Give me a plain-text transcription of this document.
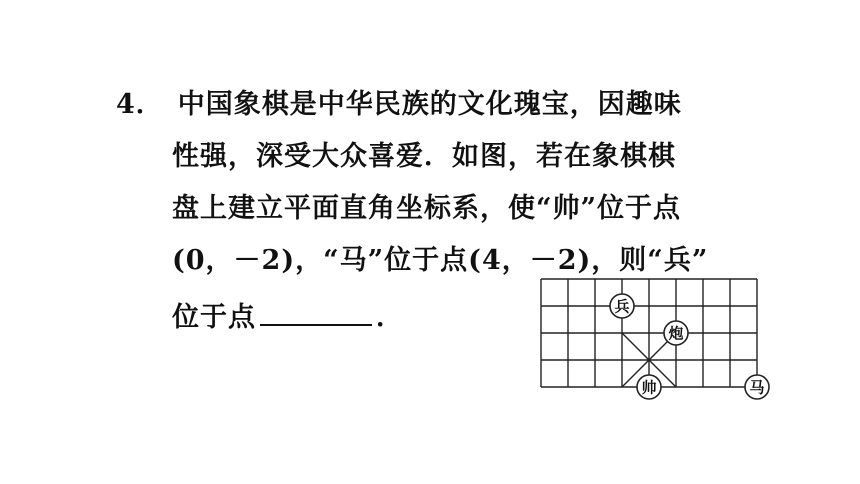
4． 中国象棋是中华民族的文化瑰宝，因趣味
性强，深受大众喜爱．如图，若在象棋棋
盘上建立平面直角坐标系，使“帅”位于点
(0，－2)，“马”位于点(4，－2)，则“兵”
位于点	．	兵
炮
帅	马
